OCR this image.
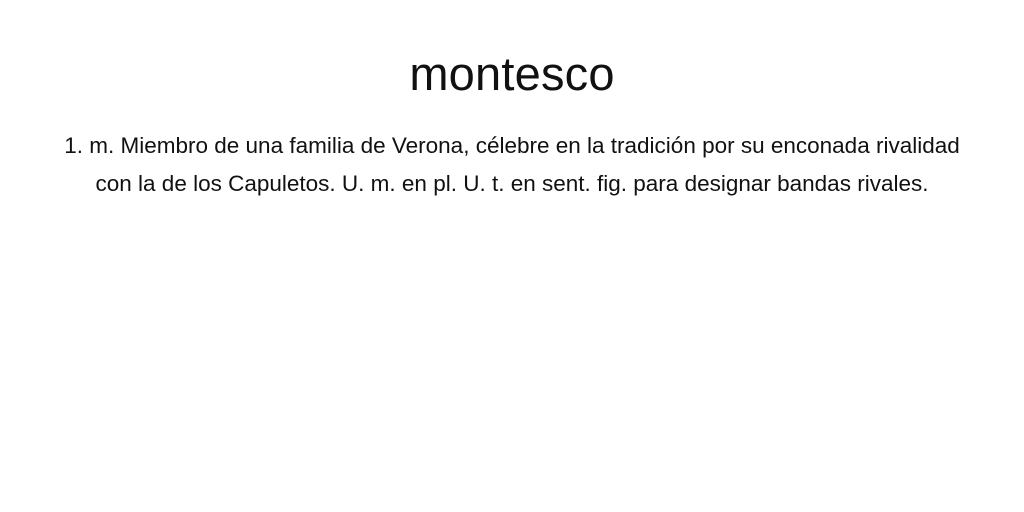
montesco

1. m. Miembro de una familia de Verona, célebre en la tradición por su enconada rivalidad con la de los Capuletos. U. m. en pl. U. t. en sent. fig. para designar bandas rivales.
